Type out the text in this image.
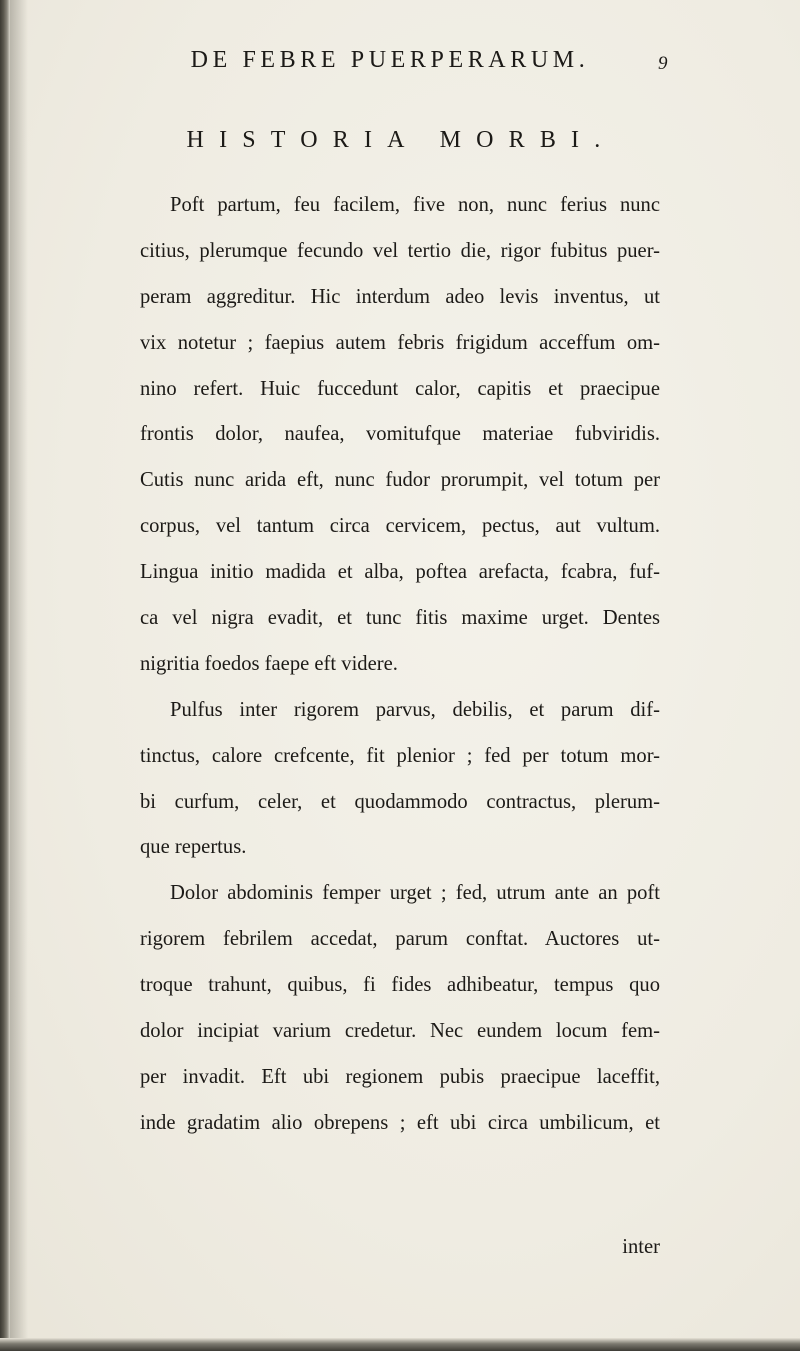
DE FEBRE PUERPERARUM.	9
HISTORIA MORBI.
Poft partum, feu facilem, five non, nunc ferius nunc
citius, plerumque fecundo vel tertio die, rigor fubitus puer-
peram aggreditur. Hic interdum adeo levis inventus, ut
vix notetur ; faepius autem febris frigidum acceffum om-
nino refert. Huic fuccedunt calor, capitis et praecipue
frontis dolor, naufea, vomitufque materiae fubviridis.
Cutis nunc arida eft, nunc fudor prorumpit, vel totum per
corpus, vel tantum circa cervicem, pectus, aut vultum.
Lingua initio madida et alba, poftea arefacta, fcabra, fuf-
ca vel nigra evadit, et tunc fitis maxime urget. Dentes
nigritia foedos faepe eft videre.
Pulfus inter rigorem parvus, debilis, et parum dif-
tinctus, calore crefcente, fit plenior ; fed per totum mor-
bi curfum, celer, et quodammodo contractus, plerum-
que repertus.
Dolor abdominis femper urget ; fed, utrum ante an poft
rigorem febrilem accedat, parum conftat. Auctores ut-
troque trahunt, quibus, fi fides adhibeatur, tempus quo
dolor incipiat varium credetur. Nec eundem locum fem-
per invadit. Eft ubi regionem pubis praecipue laceffit,
inde gradatim alio obrepens ; eft ubi circa umbilicum, et
inter
